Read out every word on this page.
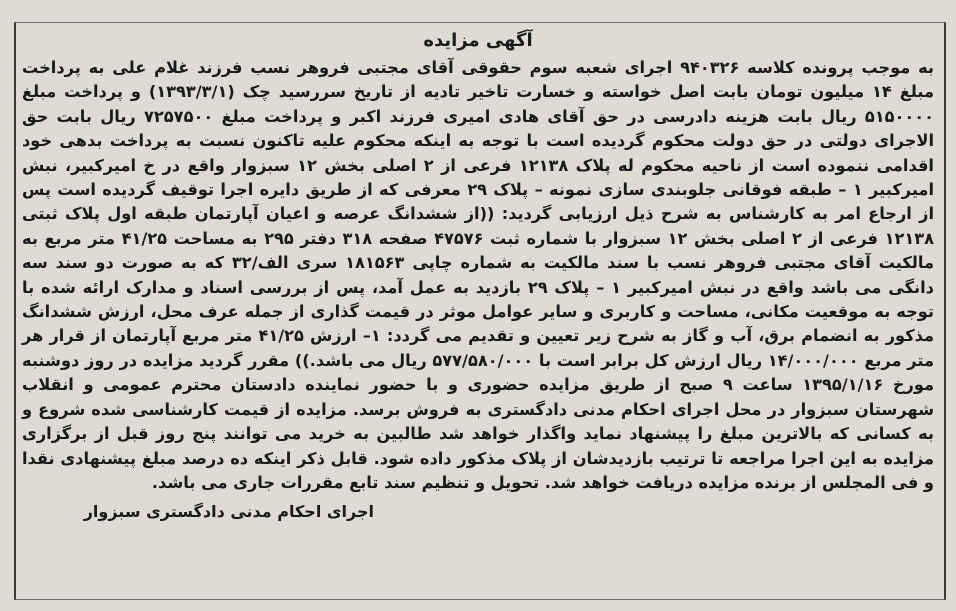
آگهی مزایده

به موجب پرونده کلاسه ۹۴۰۳۲۶ اجرای شعبه سوم حقوقی آقای مجتبی فروهر نسب فرزند غلام علی به پرداخت مبلغ ۱۴ میلیون تومان بابت اصل خواسته و خسارت تاخیر تادیه از تاریخ سررسید چک (۱۳۹۳/۳/۱) و پرداخت مبلغ ۵۱۵۰۰۰۰ ریال بابت هزینه دادرسی در حق آقای هادی امیری فرزند اکبر و پرداخت مبلغ ۷۲۵۷۵۰۰ ریال بابت حق الاجرای دولتی در حق دولت محکوم گردیده است با توجه به اینکه محکوم علیه تاکنون نسبت به پرداخت بدهی خود اقدامی ننموده است از ناحیه محکوم له پلاک ۱۲۱۳۸ فرعی از ۲ اصلی بخش ۱۲ سبزوار واقع در خ امیرکبیر، نبش امیرکبیر ۱ – طبقه فوقانی جلوبندی سازی نمونه – پلاک ۲۹ معرفی که از طریق دایره اجرا توقیف گردیده است پس از ارجاع امر به کارشناس به شرح ذیل ارزیابی گردید: ((از ششدانگ عرصه و اعیان آپارتمان طبقه اول پلاک ثبتی ۱۲۱۳۸ فرعی از ۲ اصلی بخش ۱۲ سبزوار با شماره ثبت ۴۷۵۷۶ صفحه ۳۱۸ دفتر ۲۹۵ به مساحت ۴۱/۲۵ متر مربع به مالکیت آقای مجتبی فروهر نسب با سند مالکیت به شماره چاپی ۱۸۱۵۶۳ سری الف/۳۲ که به صورت دو سند سه دانگی می باشد واقع در نبش امیرکبیر ۱ – پلاک ۲۹ بازدید به عمل آمد، پس از بررسی اسناد و مدارک ارائه شده با توجه به موقعیت مکانی، مساحت و کاربری و سایر عوامل موثر در قیمت گذاری از جمله عرف محل، ارزش ششدانگ مذکور به انضمام برق، آب و گاز به شرح زیر تعیین و تقدیم می گردد: ۱– ارزش ۴۱/۲۵ متر مربع آپارتمان از قرار هر متر مربع ۱۴/۰۰۰/۰۰۰ ریال ارزش کل برابر است با ۵۷۷/۵۸۰/۰۰۰ ریال می باشد.)) مقرر گردید مزایده در روز دوشنبه مورخ ۱۳۹۵/۱/۱۶ ساعت ۹ صبح از طریق مزایده حضوری و با حضور نماینده دادستان محترم عمومی و انقلاب شهرستان سبزوار در محل اجرای احکام مدنی دادگستری به فروش برسد. مزایده از قیمت کارشناسی شده شروع و به کسانی که بالاترین مبلغ را پیشنهاد نماید واگذار خواهد شد طالبین به خرید می توانند پنج روز قبل از برگزاری مزایده به این اجرا مراجعه تا ترتیب بازدیدشان از پلاک مذکور داده شود. قابل ذکر اینکه ده درصد مبلغ پیشنهادی نقدا و فی المجلس از برنده مزایده دریافت خواهد شد. تحویل و تنظیم سند تابع مقررات جاری می باشد.

اجرای احکام مدنی دادگستری سبزوار
